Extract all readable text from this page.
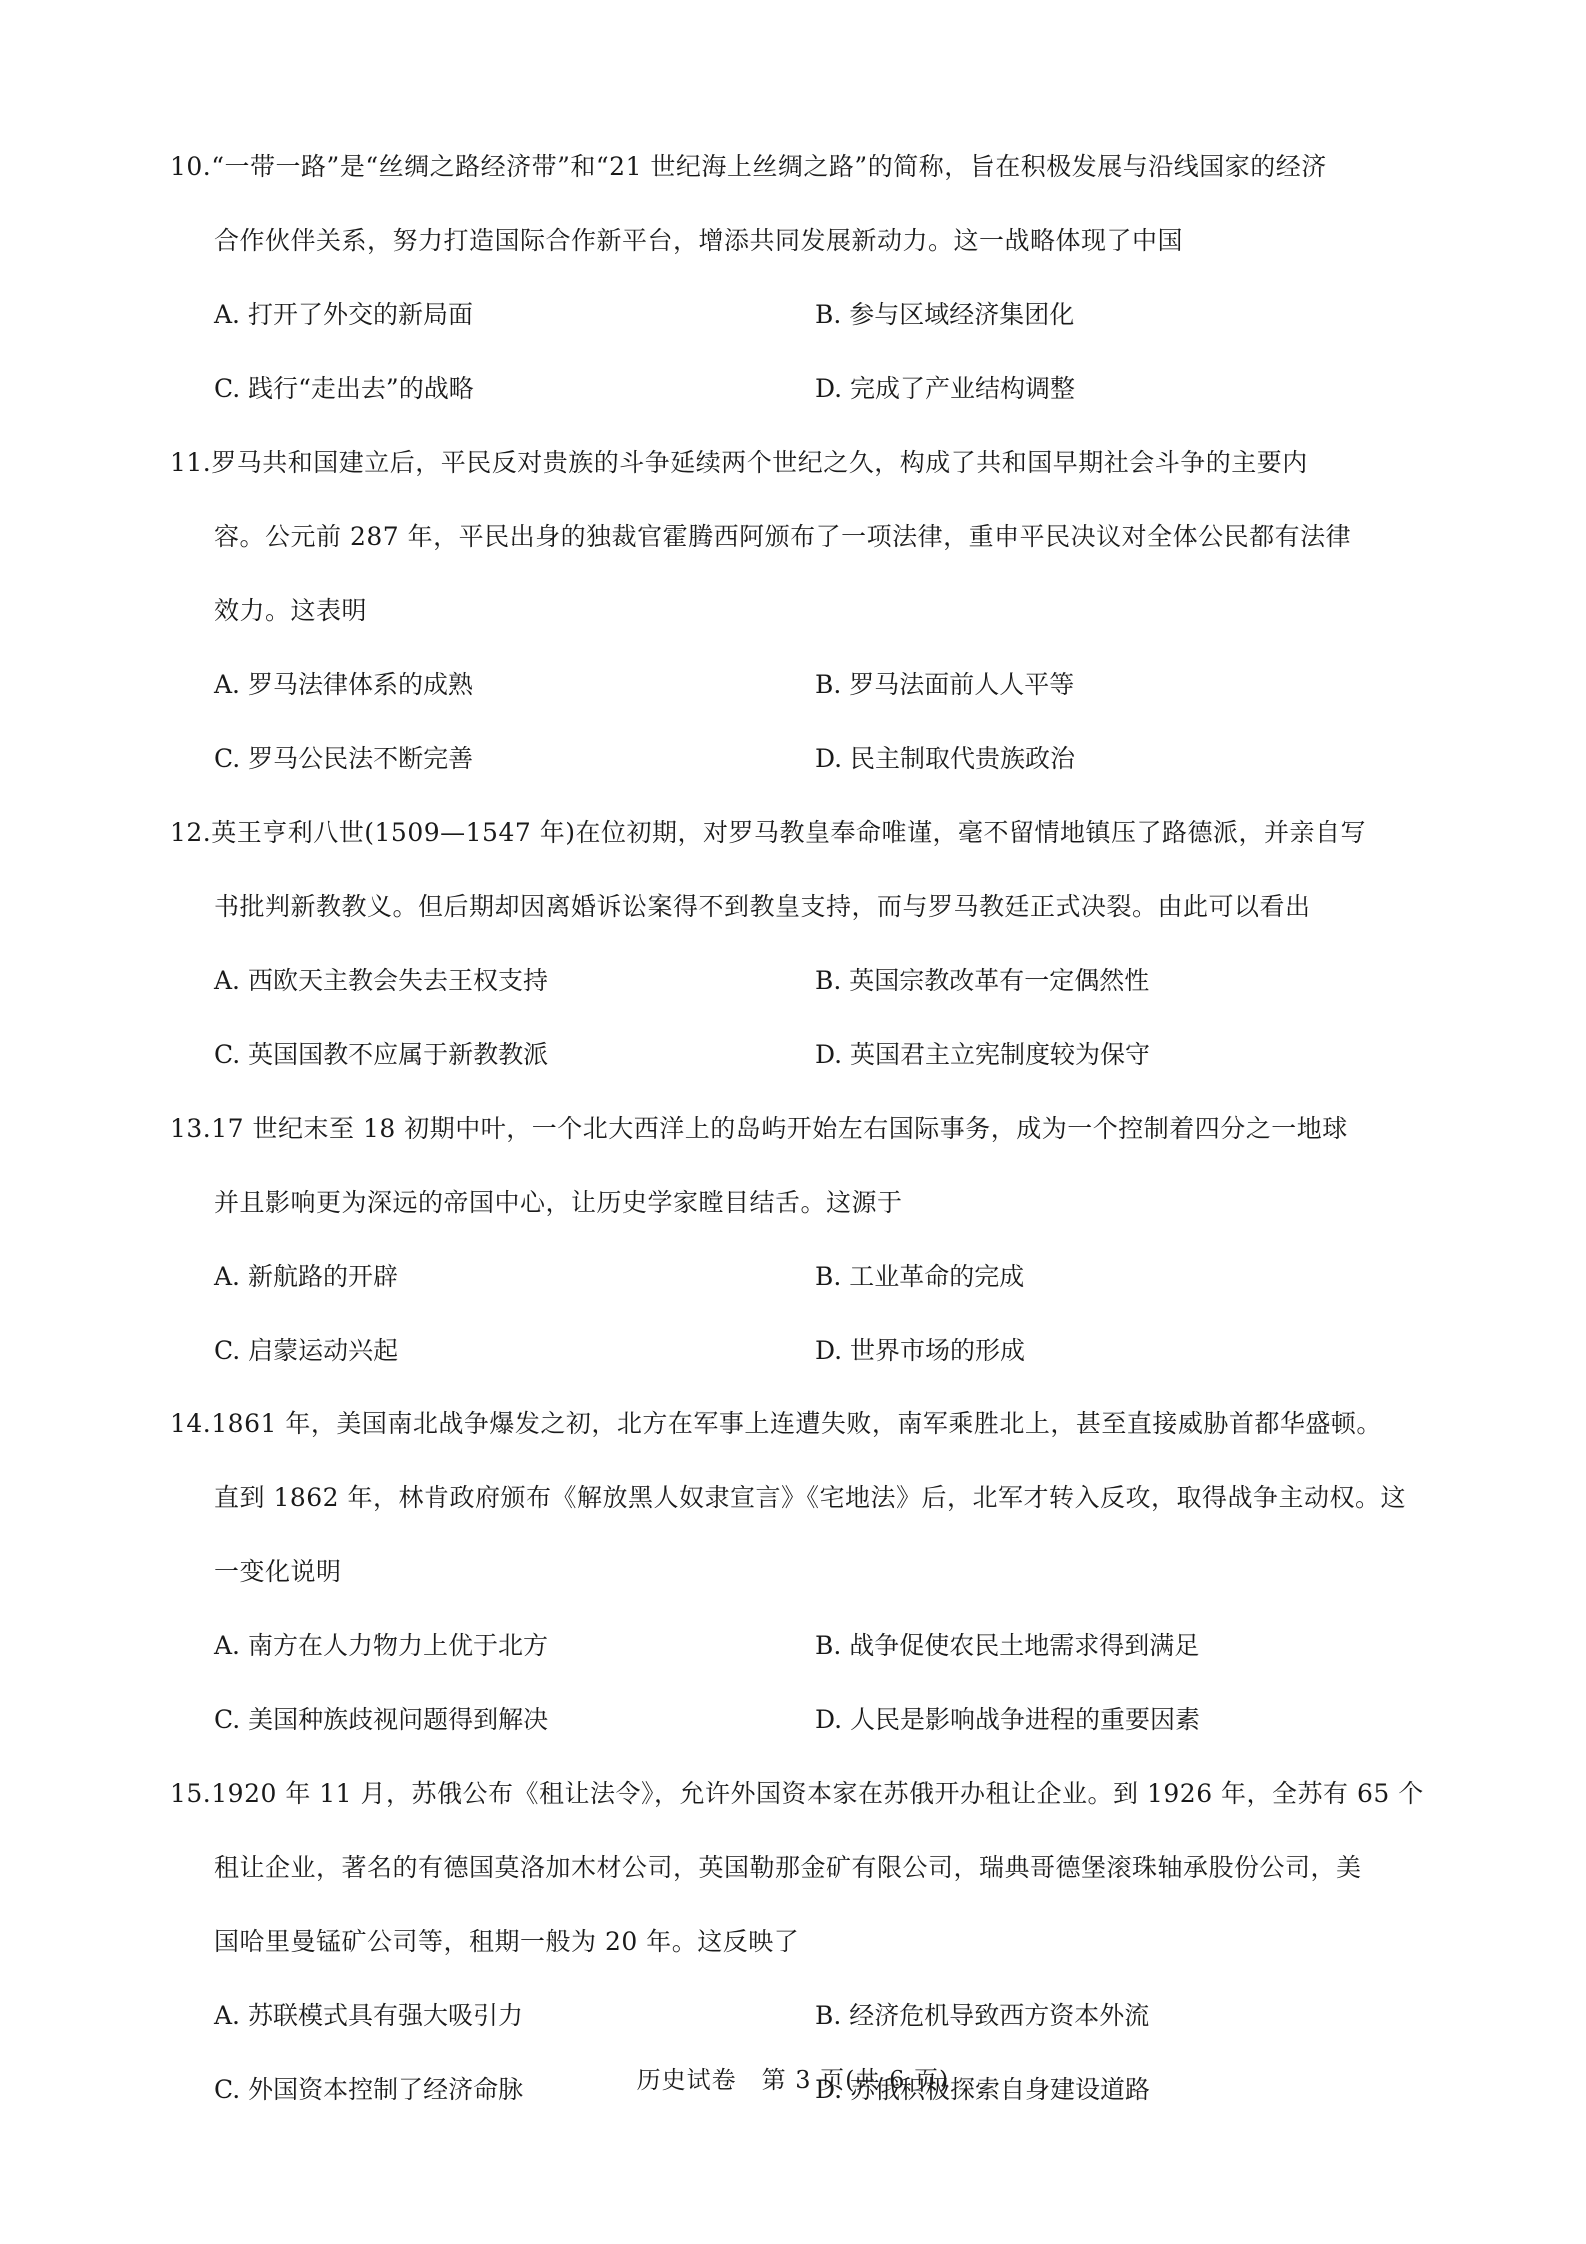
10.“一带一路”是“丝绸之路经济带”和“21 世纪海上丝绸之路”的简称，旨在积极发展与沿线国家的经济
合作伙伴关系，努力打造国际合作新平台，增添共同发展新动力。这一战略体现了中国
A. 打开了外交的新局面	B. 参与区域经济集团化
C. 践行“走出去”的战略	D. 完成了产业结构调整
11.罗马共和国建立后，平民反对贵族的斗争延续两个世纪之久，构成了共和国早期社会斗争的主要内
容。公元前 287 年，平民出身的独裁官霍腾西阿颁布了一项法律，重申平民决议对全体公民都有法律
效力。这表明
A. 罗马法律体系的成熟	B. 罗马法面前人人平等
C. 罗马公民法不断完善	D. 民主制取代贵族政治
12.英王亨利八世(1509—1547 年)在位初期，对罗马教皇奉命唯谨，毫不留情地镇压了路德派，并亲自写
书批判新教教义。但后期却因离婚诉讼案得不到教皇支持，而与罗马教廷正式决裂。由此可以看出
A. 西欧天主教会失去王权支持	B. 英国宗教改革有一定偶然性
C. 英国国教不应属于新教教派	D. 英国君主立宪制度较为保守
13.17 世纪末至 18 初期中叶，一个北大西洋上的岛屿开始左右国际事务，成为一个控制着四分之一地球
并且影响更为深远的帝国中心，让历史学家瞠目结舌。这源于
A. 新航路的开辟	B. 工业革命的完成
C. 启蒙运动兴起	D. 世界市场的形成
14.1861 年，美国南北战争爆发之初，北方在军事上连遭失败，南军乘胜北上，甚至直接威胁首都华盛顿。
直到 1862 年，林肯政府颁布《解放黑人奴隶宣言》《宅地法》后，北军才转入反攻，取得战争主动权。这
一变化说明
A. 南方在人力物力上优于北方	B. 战争促使农民土地需求得到满足
C. 美国种族歧视问题得到解决	D. 人民是影响战争进程的重要因素
15.1920 年 11 月，苏俄公布《租让法令》，允许外国资本家在苏俄开办租让企业。到 1926 年，全苏有 65 个
租让企业，著名的有德国莫洛加木材公司，英国勒那金矿有限公司，瑞典哥德堡滚珠轴承股份公司，美
国哈里曼锰矿公司等，租期一般为 20 年。这反映了
A. 苏联模式具有强大吸引力	B. 经济危机导致西方资本外流
C. 外国资本控制了经济命脉	D. 苏俄积极探索自身建设道路
历史试卷　第 3 页(共 6 页)
